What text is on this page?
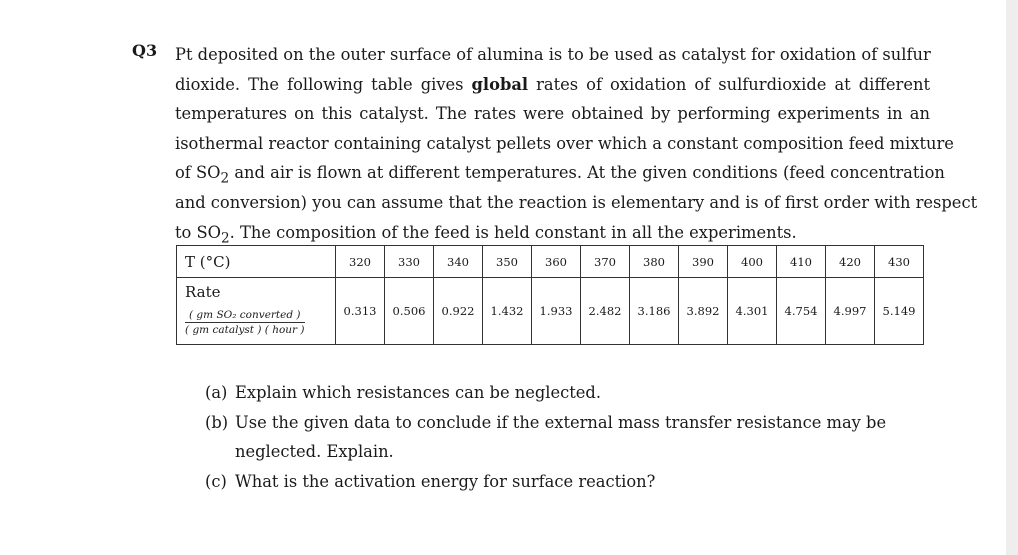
Q3 Pt deposited on the outer surface of alumina is to be used as catalyst for oxidation of sulfur
dioxide. The following table gives global rates of oxidation of sulfurdioxide at different
temperatures on this catalyst. The rates were obtained by performing experiments in an
isothermal reactor containing catalyst pellets over which a constant composition feed mixture
of $SO_2$ and air is flown at different temperatures. At the given conditions (feed concentration
and conversion) you can assume that the reaction is elementary and is of first order with respect
to $SO_2$. The composition of the feed is held constant in all the experiments.
T (°C)	320	330	340	350	360	370	380	390	400	410	420	430

Rate
$\frac{\text{( gm SO₂ converted )}}{\text{( gm catalyst ) ( hour )}}$	0.313	0.506	0.922	1.432	1.933	2.482	3.186	3.892	4.301	4.754	4.997	5.149
(a) Explain which resistances can be neglected.
(b) Use the given data to conclude if the external mass transfer resistance may be neglected. Explain.
(c) What is the activation energy for surface reaction?
